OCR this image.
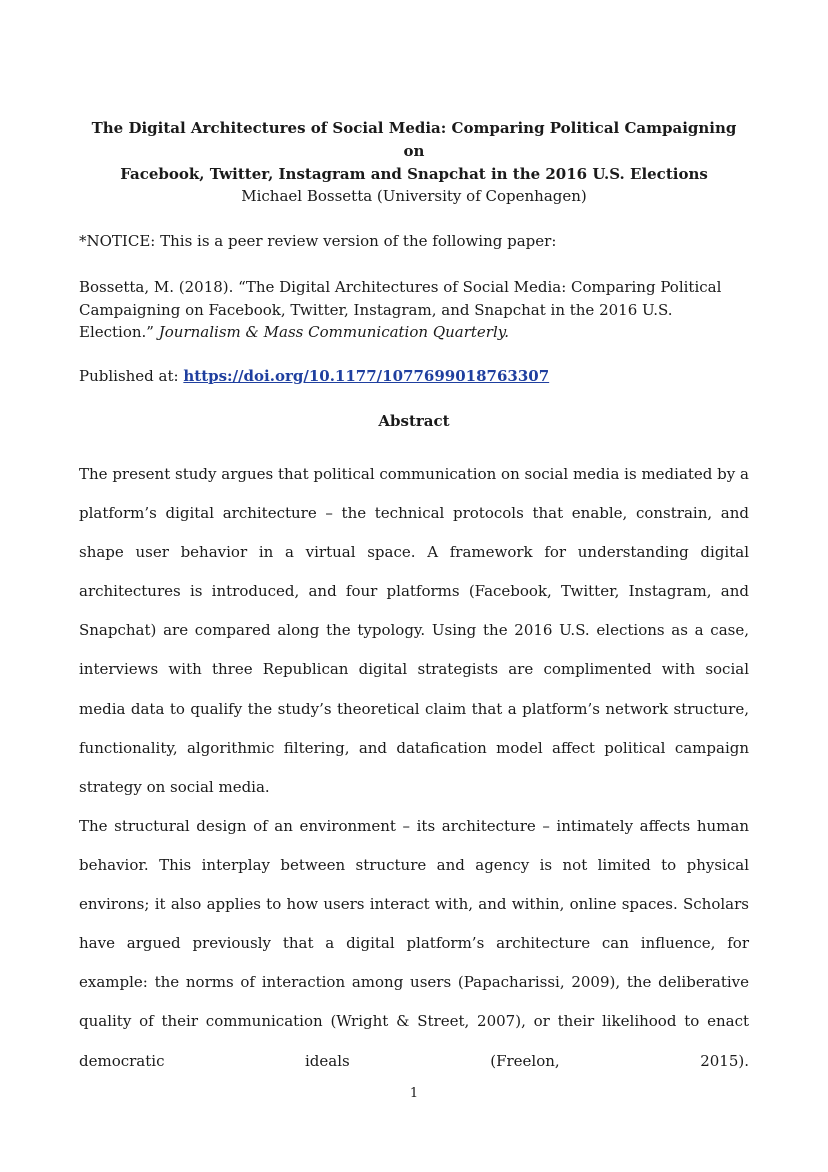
The Digital Architectures of Social Media: Comparing Political Campaigning on
Facebook, Twitter, Instagram and Snapchat in the 2016 U.S. Elections
Michael Bossetta (University of Copenhagen)
*NOTICE: This is a peer review version of the following paper:
Bossetta, M. (2018). “The Digital Architectures of Social Media: Comparing Political Campaigning on Facebook, Twitter, Instagram, and Snapchat in the 2016 U.S. Election.” Journalism & Mass Communication Quarterly.
Published at: https://doi.org/10.1177/1077699018763307
Abstract
The present study argues that political communication on social media is mediated by a platform’s digital architecture – the technical protocols that enable, constrain, and shape user behavior in a virtual space. A framework for understanding digital architectures is introduced, and four platforms (Facebook, Twitter, Instagram, and Snapchat) are compared along the typology. Using the 2016 U.S. elections as a case, interviews with three Republican digital strategists are complimented with social media data to qualify the study’s theoretical claim that a platform’s network structure, functionality, algorithmic filtering, and datafication model affect political campaign strategy on social media.
The structural design of an environment – its architecture – intimately affects human behavior. This interplay between structure and agency is not limited to physical environs; it also applies to how users interact with, and within, online spaces. Scholars have argued previously that a digital platform’s architecture can influence, for example: the norms of interaction among users (Papacharissi, 2009), the deliberative quality of their communication (Wright & Street, 2007), or their likelihood to enact democratic ideals (Freelon, 2015).
1
